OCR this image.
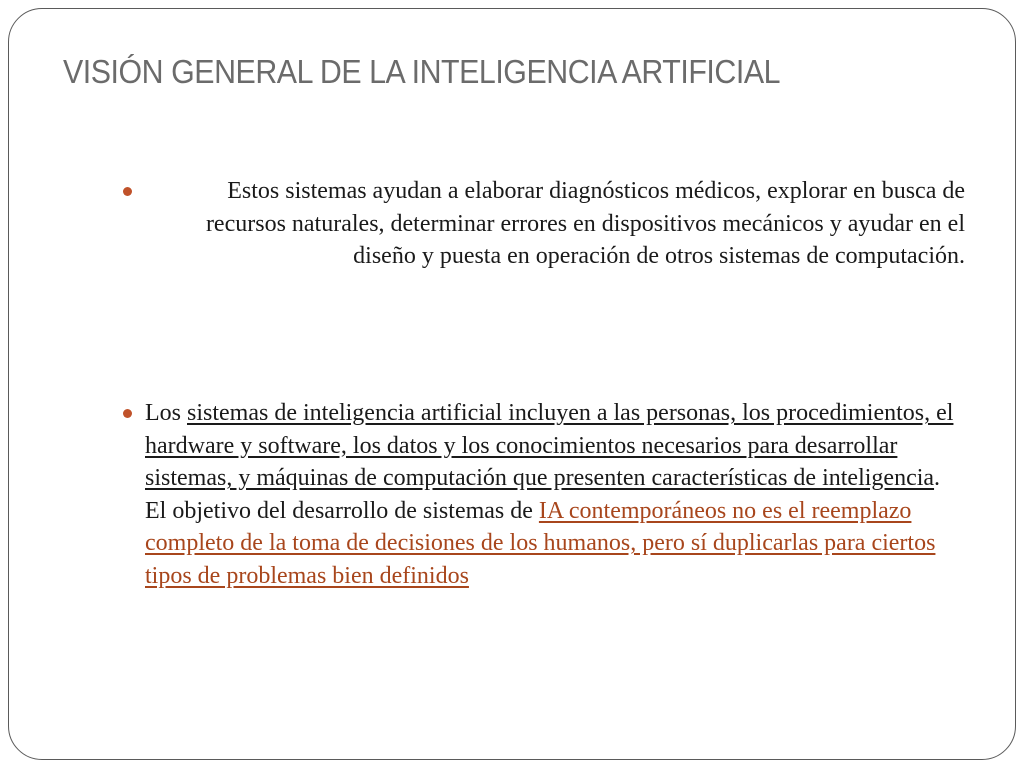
VISIÓN GENERAL DE LA INTELIGENCIA ARTIFICIAL
Estos sistemas ayudan a elaborar diagnósticos médicos, explorar en busca de recursos naturales, determinar errores en dispositivos mecánicos y ayudar en el diseño y puesta en operación de otros sistemas de computación.
Los sistemas de inteligencia artificial incluyen a las personas, los procedimientos, el hardware y software, los datos y los conocimientos necesarios para desarrollar sistemas, y máquinas de computación que presenten características de inteligencia. El objetivo del desarrollo de sistemas de IA contemporáneos no es el reemplazo completo de la toma de decisiones de los humanos, pero sí duplicarlas para ciertos tipos de problemas bien definidos
